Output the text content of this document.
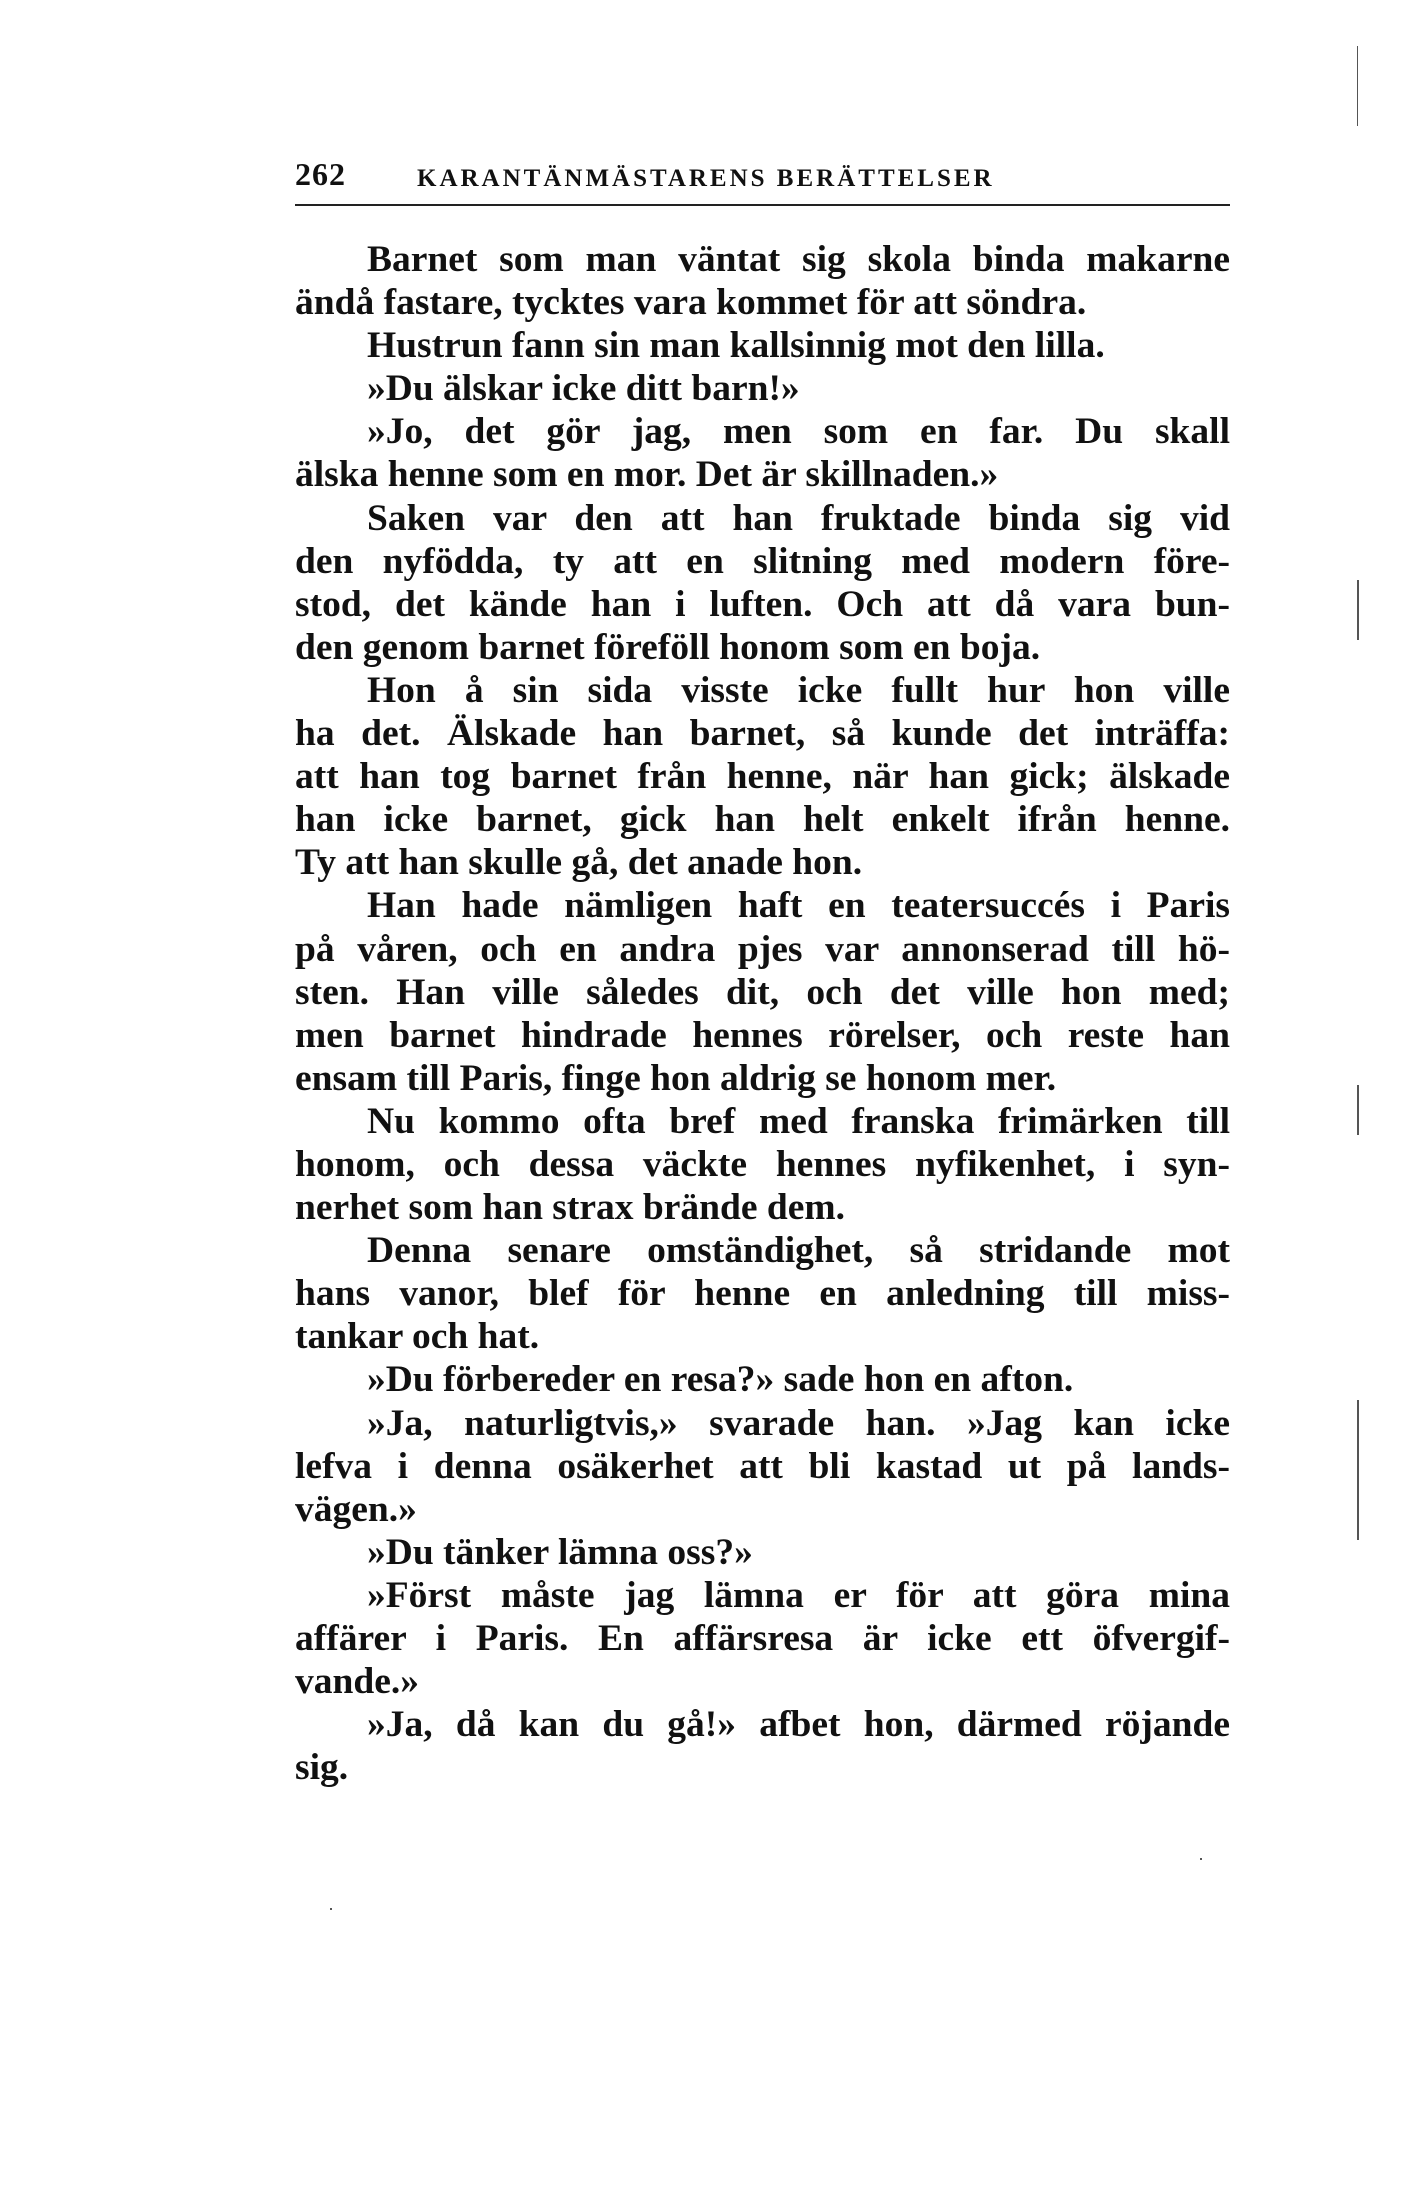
262	KARANTÄNMÄSTARENS BERÄTTELSER
Barnet som man väntat sig skola binda makarne
ändå fastare, tycktes vara kommet för att söndra.
Hustrun fann sin man kallsinnig mot den lilla.
»Du älskar icke ditt barn!»
»Jo, det gör jag, men som en far. Du skall
älska henne som en mor. Det är skillnaden.»
Saken var den att han fruktade binda sig vid
den nyfödda, ty att en slitning med modern före-
stod, det kände han i luften. Och att då vara bun-
den genom barnet föreföll honom som en boja.
Hon å sin sida visste icke fullt hur hon ville
ha det. Älskade han barnet, så kunde det inträffa:
att han tog barnet från henne, när han gick; älskade
han icke barnet, gick han helt enkelt ifrån henne.
Ty att han skulle gå, det anade hon.
Han hade nämligen haft en teatersuccés i Paris
på våren, och en andra pjes var annonserad till hö-
sten. Han ville således dit, och det ville hon med;
men barnet hindrade hennes rörelser, och reste han
ensam till Paris, finge hon aldrig se honom mer.
Nu kommo ofta bref med franska frimärken till
honom, och dessa väckte hennes nyfikenhet, i syn-
nerhet som han strax brände dem.
Denna senare omständighet, så stridande mot
hans vanor, blef för henne en anledning till miss-
tankar och hat.
»Du förbereder en resa?» sade hon en afton.
»Ja, naturligtvis,» svarade han. »Jag kan icke
lefva i denna osäkerhet att bli kastad ut på lands-
vägen.»
»Du tänker lämna oss?»
»Först måste jag lämna er för att göra mina
affärer i Paris. En affärsresa är icke ett öfvergif-
vande.»
»Ja, då kan du gå!» afbet hon, därmed röjande
sig.
